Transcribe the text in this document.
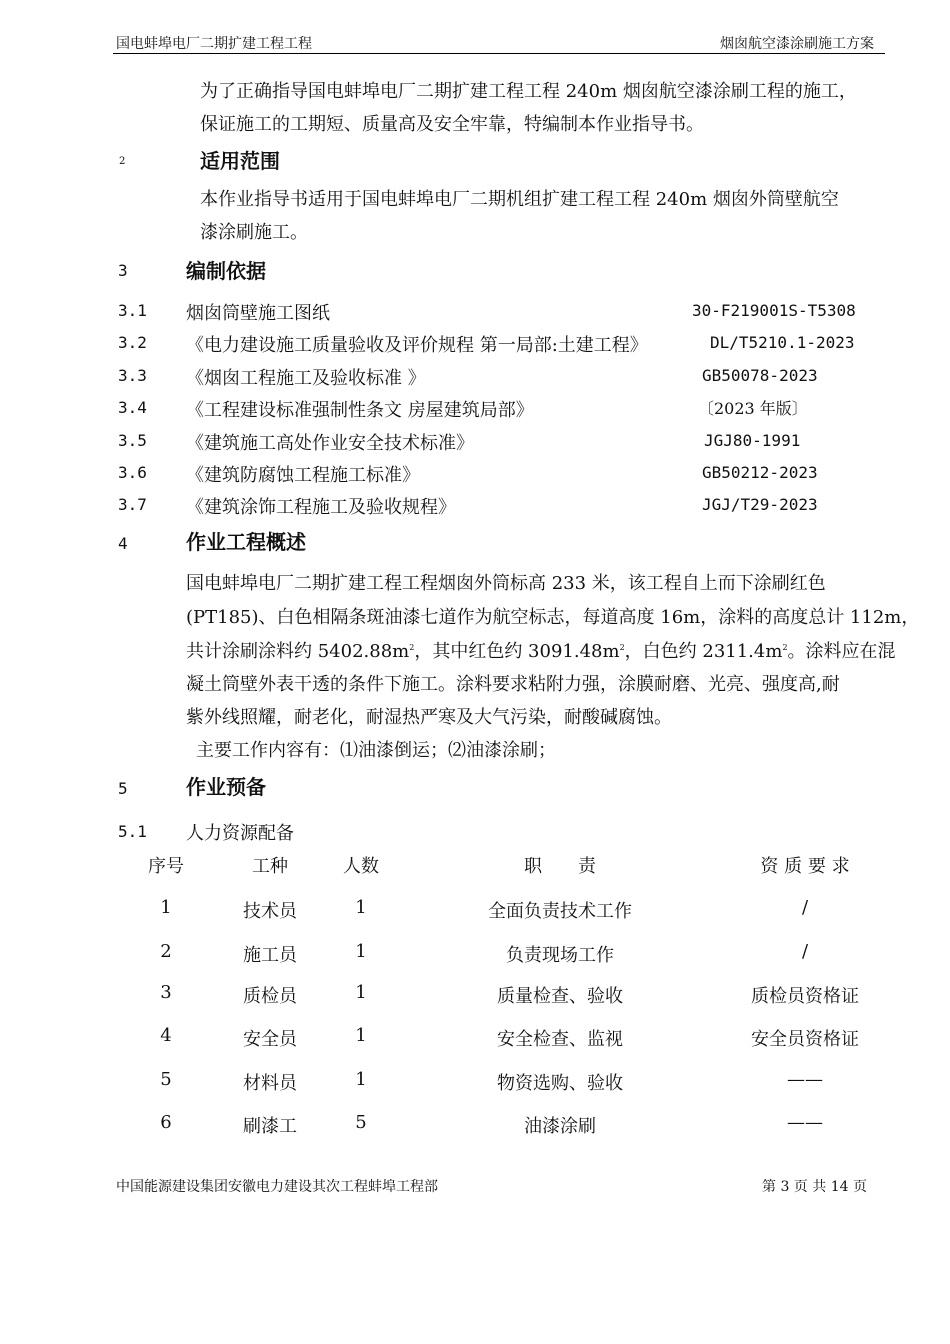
国电蚌埠电厂二期扩建工程工程	烟囱航空漆涂刷施工方案
为了正确指导国电蚌埠电厂二期扩建工程工程 240m 烟囱航空漆涂刷工程的施工，
保证施工的工期短、质量高及安全牢靠，特编制本作业指导书。
2	适用范围
本作业指导书适用于国电蚌埠电厂二期机组扩建工程工程 240m 烟囱外筒壁航空
漆涂刷施工。
3	编制依据
3.1 烟囱筒壁施工图纸	30-F219001S-T5308
3.2 《电力建设施工质量验收及评价规程 第一局部:土建工程》	DL/T5210.1-2023
3.3 《烟囱工程施工及验收标准 》	GB50078-2023
3.4 《工程建设标准强制性条文 房屋建筑局部》	〔2023 年版〕
3.5 《建筑施工高处作业安全技术标准》	JGJ80-1991
3.6 《建筑防腐蚀工程施工标准》	GB50212-2023
3.7 《建筑涂饰工程施工及验收规程》	JGJ/T29-2023
4	作业工程概述
国电蚌埠电厂二期扩建工程工程烟囱外筒标高 233 米，该工程自上而下涂刷红色
(PT185)、白色相隔条斑油漆七道作为航空标志，每道高度 16m，涂料的高度总计 112m，
共计涂刷涂料约 $5402.88m^2$，其中红色约 $3091.48m^2$，白色约 $2311.4m^2$。涂料应在混
凝土筒壁外表干透的条件下施工。涂料要求粘附力强，涂膜耐磨、光亮、强度高,耐
紫外线照耀，耐老化，耐湿热严寒及大气污染，耐酸碱腐蚀。
主要工作内容有：⑴油漆倒运；⑵油漆涂刷；
5	作业预备
5.1 人力资源配备
序号	工种	人数	职　　责	资 质 要 求
1	技术员	1	全面负责技术工作	/
2	施工员	1	负责现场工作	/
3	质检员	1	质量检查、验收	质检员资格证
4	安全员	1	安全检查、监视	安全员资格证
5	材料员	1	物资选购、验收	——
6	刷漆工	5	油漆涂刷	——
中国能源建设集团安徽电力建设其次工程蚌埠工程部	第 3 页 共 14 页
